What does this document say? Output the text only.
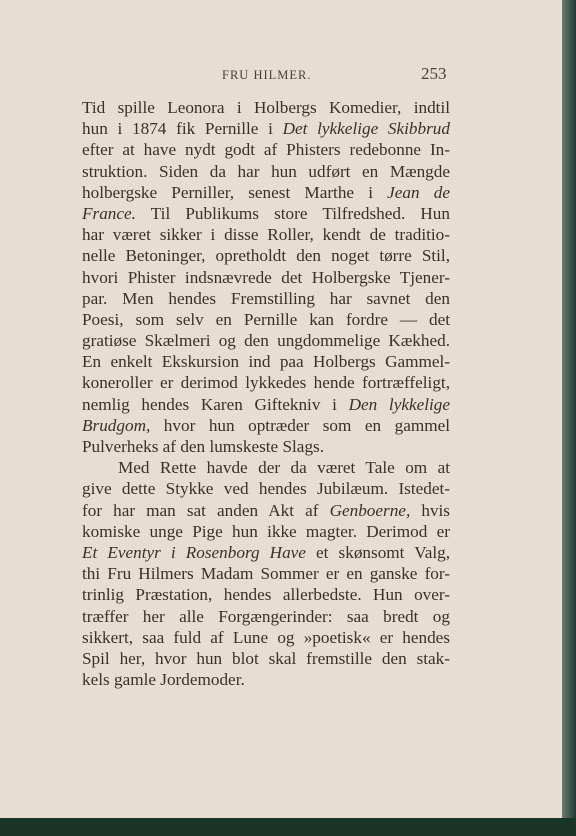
FRU HILMER.	253
Tid spille Leonora i Holbergs Komedier, indtil
hun i 1874 fik Pernille i Det lykkelige Skibbrud
efter at have nydt godt af Phisters redebonne In-
struktion. Siden da har hun udført en Mængde
holbergske Perniller, senest Marthe i Jean de
France. Til Publikums store Tilfredshed. Hun
har været sikker i disse Roller, kendt de traditio-
nelle Betoninger, opretholdt den noget tørre Stil,
hvori Phister indsnævrede det Holbergske Tjener-
par. Men hendes Fremstilling har savnet den
Poesi, som selv en Pernille kan fordre — det
gratiøse Skælmeri og den ungdommelige Kækhed.
En enkelt Ekskursion ind paa Holbergs Gammel-
koneroller er derimod lykkedes hende fortræffeligt,
nemlig hendes Karen Giftekniv i Den lykkelige
Brudgom, hvor hun optræder som en gammel
Pulverheks af den lumskeste Slags.
Med Rette havde der da været Tale om at
give dette Stykke ved hendes Jubilæum. Istedet-
for har man sat anden Akt af Genboerne, hvis
komiske unge Pige hun ikke magter. Derimod er
Et Eventyr i Rosenborg Have et skønsomt Valg,
thi Fru Hilmers Madam Sommer er en ganske for-
trinlig Præstation, hendes allerbedste. Hun over-
træffer her alle Forgængerinder: saa bredt og
sikkert, saa fuld af Lune og »poetisk« er hendes
Spil her, hvor hun blot skal fremstille den stak-
kels gamle Jordemoder.
